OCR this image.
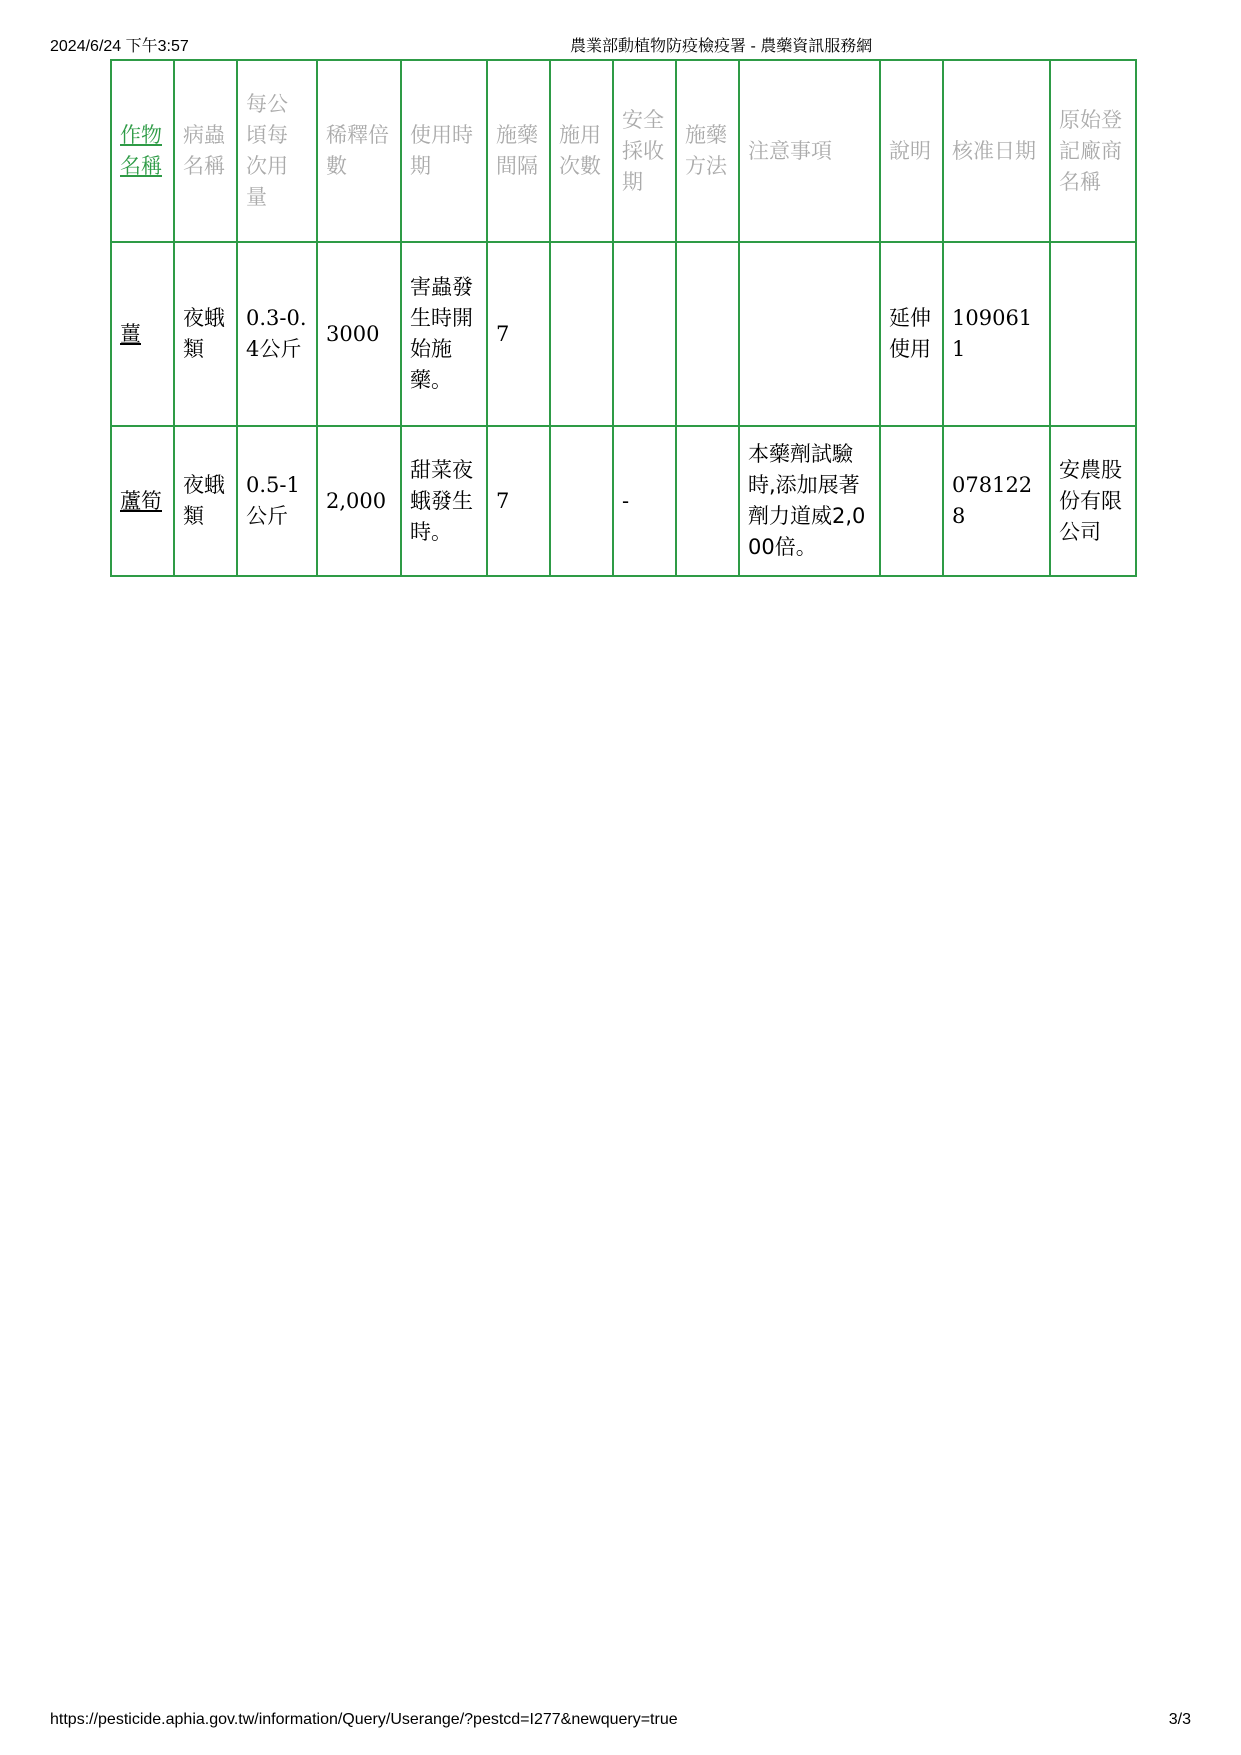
2024/6/24 下午3:57	農業部動植物防疫檢疫署 - 農藥資訊服務網
作物名稱	病蟲名稱	每公頃每次用量	稀釋倍數	使用時期	施藥間隔	施用次數	安全採收期	施藥方法	注意事項	說明	核准日期	原始登記廠商名稱
薑	夜蛾類	0.3-0.4公斤	3000	害蟲發生時開始施藥。	7					延伸使用	1090611	
蘆筍	夜蛾類	0.5-1公斤	2,000	甜菜夜蛾發生時。	7		-		本藥劑試驗時,添加展著劑力道威2,000倍。		0781228	安農股份有限公司
https://pesticide.aphia.gov.tw/information/Query/Userange/?pestcd=I277&newquery=true	3/3
